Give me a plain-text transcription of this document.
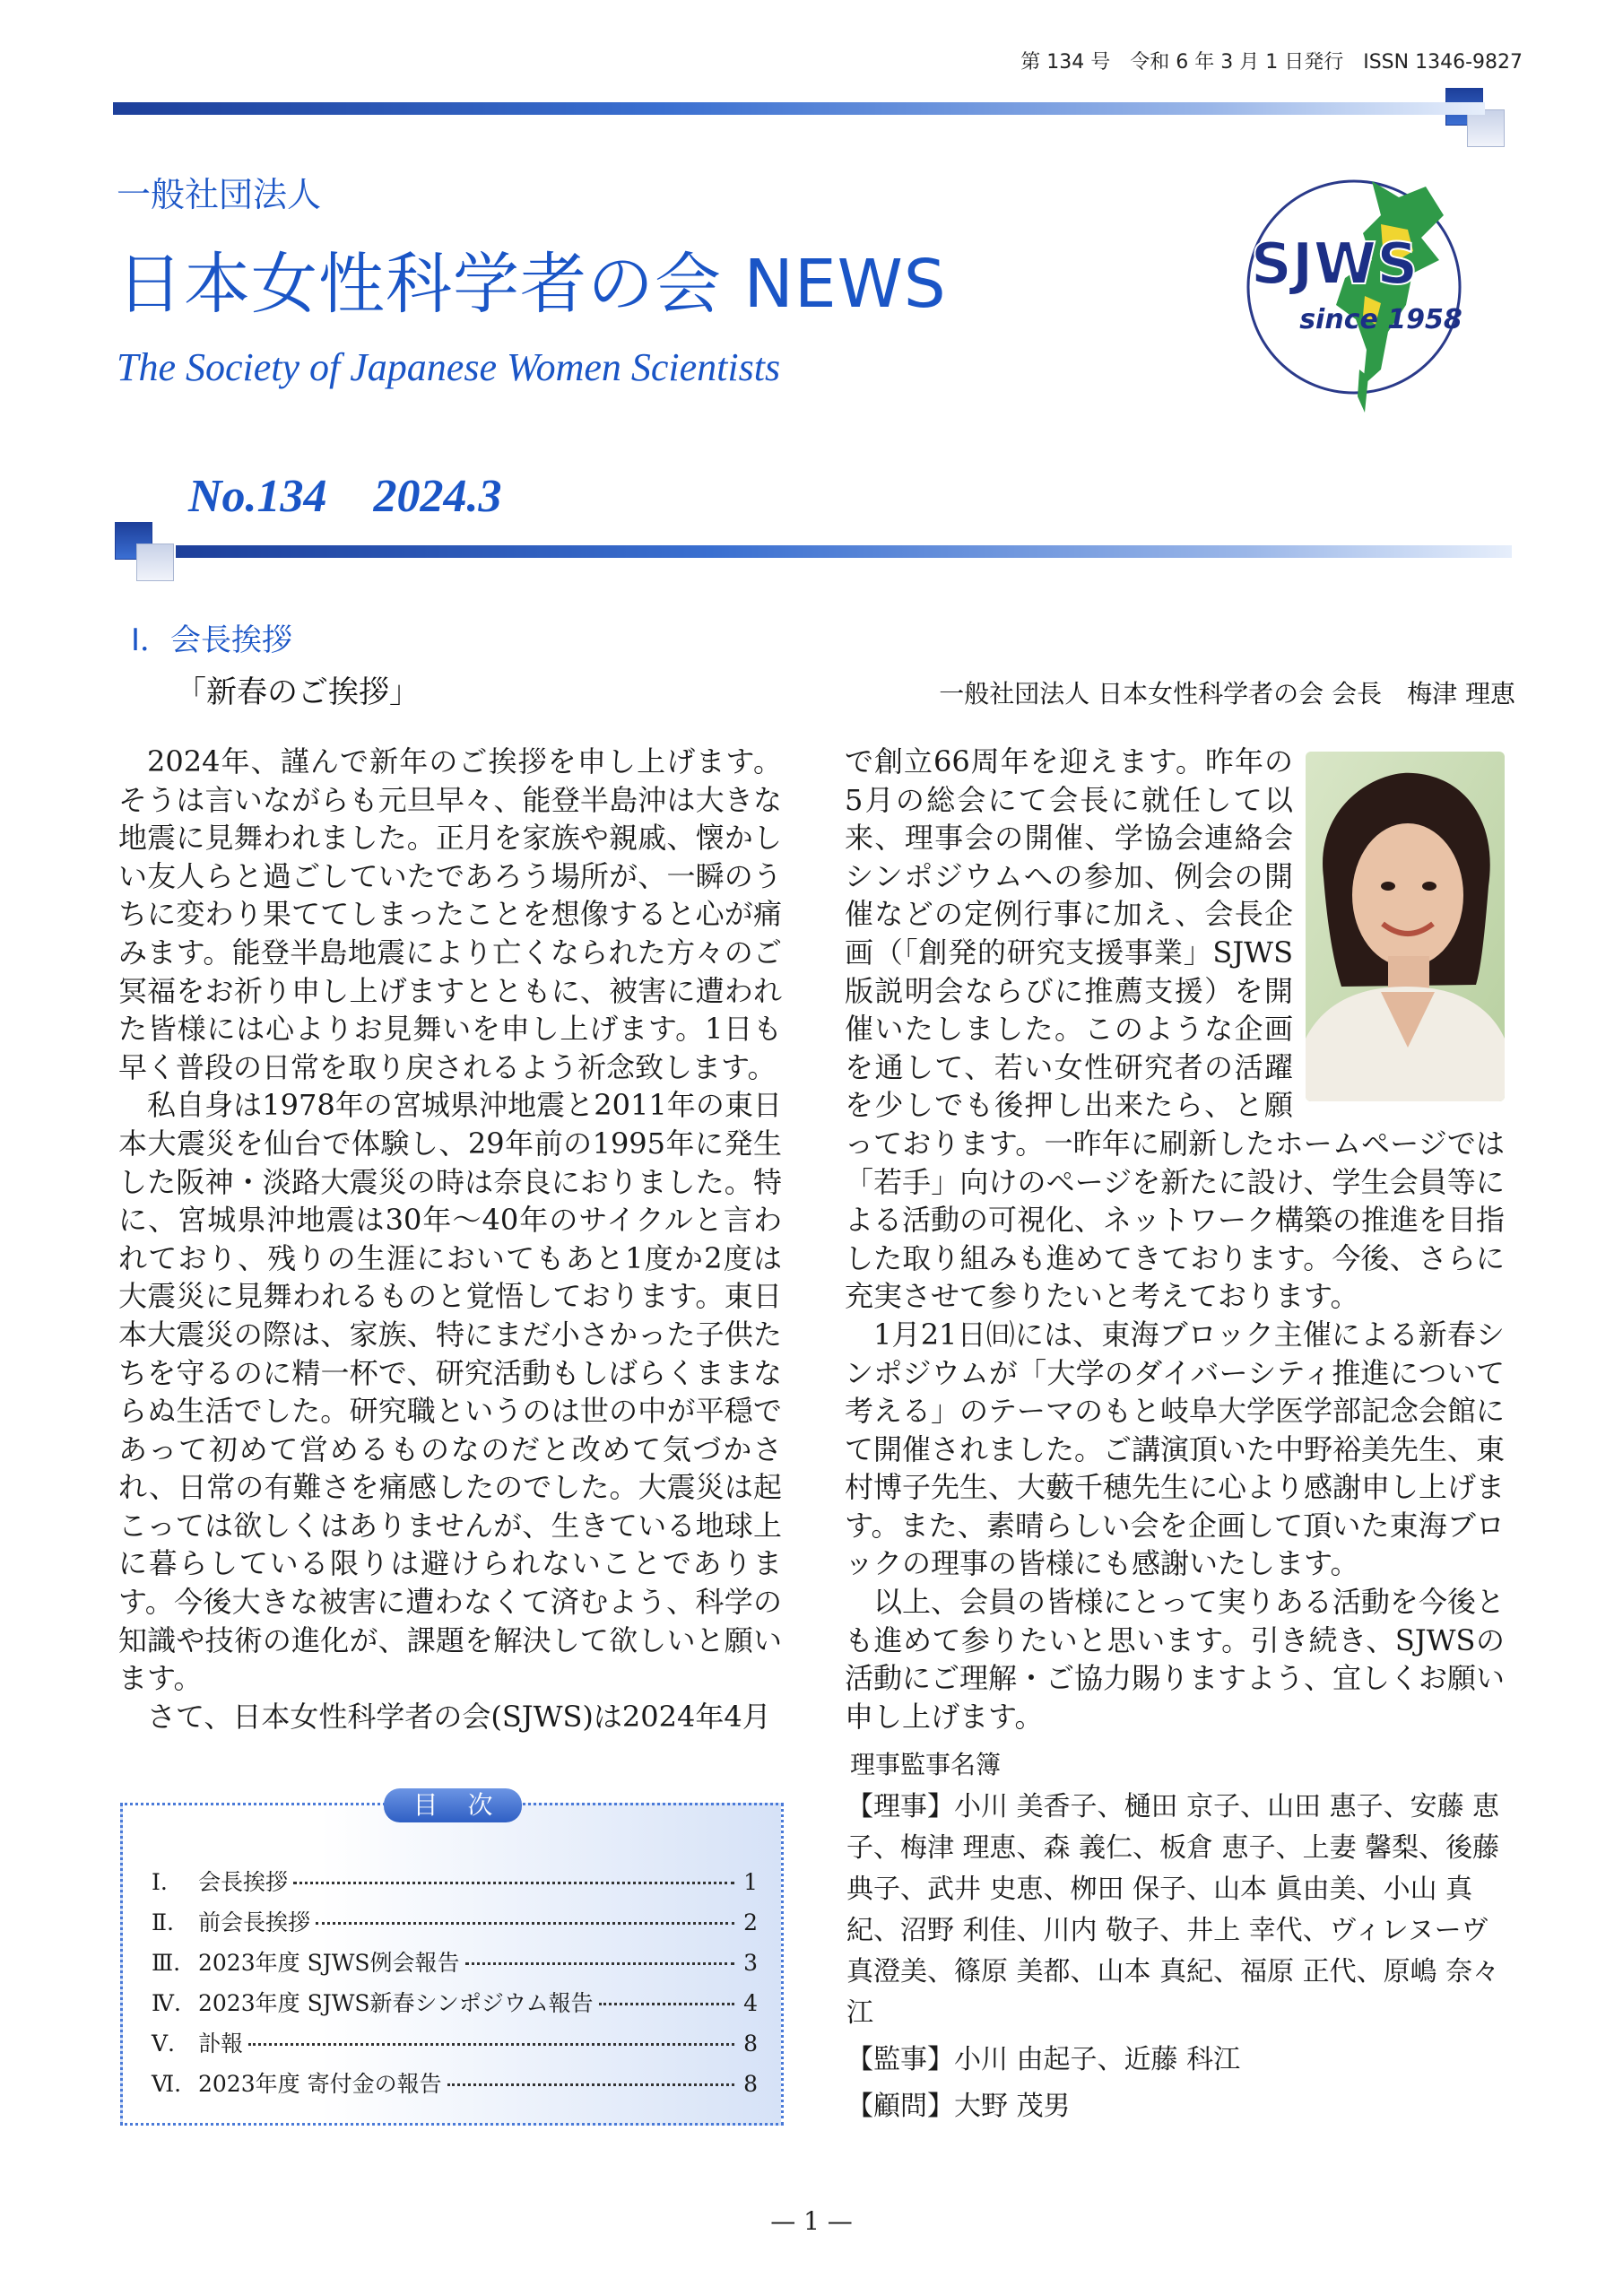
第 134 号　令和 6 年 3 月 1 日発行　ISSN 1346-9827
一般社団法人
日本女性科学者の会 NEWS
The Society of Japanese Women Scientists
SJWS
since 1958
No.134　2024.3
Ⅰ．会長挨拶
「新春のご挨拶」	一般社団法人 日本女性科学者の会 会長　梅津 理恵

2024年、謹んで新年のご挨拶を申し上げます。そうは言いながらも元旦早々、能登半島沖は大きな地震に見舞われました。正月を家族や親戚、懐かしい友人らと過ごしていたであろう場所が、一瞬のうちに変わり果ててしまったことを想像すると心が痛みます。能登半島地震により亡くなられた方々のご冥福をお祈り申し上げますとともに、被害に遭われた皆様には心よりお見舞いを申し上げます。1日も早く普段の日常を取り戻されるよう祈念致します。

私自身は1978年の宮城県沖地震と2011年の東日本大震災を仙台で体験し、29年前の1995年に発生した阪神・淡路大震災の時は奈良におりました。特に、宮城県沖地震は30年～40年のサイクルと言われており、残りの生涯においてもあと1度か2度は大震災に見舞われるものと覚悟しております。東日本大震災の際は、家族、特にまだ小さかった子供たちを守るのに精一杯で、研究活動もしばらくままならぬ生活でした。研究職というのは世の中が平穏であって初めて営めるものなのだと改めて気づかされ、日常の有難さを痛感したのでした。大震災は起こっては欲しくはありませんが、生きている地球上に暮らしている限りは避けられないことであります。今後大きな被害に遭わなくて済むよう、科学の知識や技術の進化が、課題を解決して欲しいと願います。

さて、日本女性科学者の会(SJWS)は2024年4月

で創立66周年を迎えます。昨年の5月の総会にて会長に就任して以来、理事会の開催、学協会連絡会シンポジウムへの参加、例会の開催などの定例行事に加え、会長企画（「創発的研究支援事業」SJWS版説明会ならびに推薦支援）を開催いたしました。このような企画を通して、若い女性研究者の活躍を少しでも後押し出来たら、と願っております。一昨年に刷新したホームページでは「若手」向けのページを新たに設け、学生会員等による活動の可視化、ネットワーク構築の推進を目指した取り組みも進めてきております。今後、さらに充実させて参りたいと考えております。

1月21日㈰には、東海ブロック主催による新春シンポジウムが「大学のダイバーシティ推進について考える」のテーマのもと岐阜大学医学部記念会館にて開催されました。ご講演頂いた中野裕美先生、東村博子先生、大藪千穂先生に心より感謝申し上げます。また、素晴らしい会を企画して頂いた東海ブロックの理事の皆様にも感謝いたします。

以上、会員の皆様にとって実りある活動を今後とも進めて参りたいと思います。引き続き、SJWSの活動にご理解・ご協力賜りますよう、宜しくお願い申し上げます。

理事監事名簿

【理事】小川 美香子、樋田 京子、山田 惠子、安藤 恵子、梅津 理恵、森 義仁、板倉 恵子、上妻 馨梨、後藤 典子、武井 史恵、栁田 保子、山本 眞由美、小山 真紀、沼野 利佳、川内 敬子、井上 幸代、ヴィレヌーヴ 真澄美、篠原 美都、山本 真紀、福原 正代、原嶋 奈々江

【監事】小川 由起子、近藤 科江

【顧問】大野 茂男

Ⅰ.	会長挨拶	1
Ⅱ.	前会長挨拶	2
Ⅲ. 2023年度 SJWS例会報告	3
Ⅳ. 2023年度 SJWS新春シンポジウム報告	4
Ⅴ.	訃報	8
Ⅵ. 2023年度 寄付金の報告	8
目 次
— 1 —
